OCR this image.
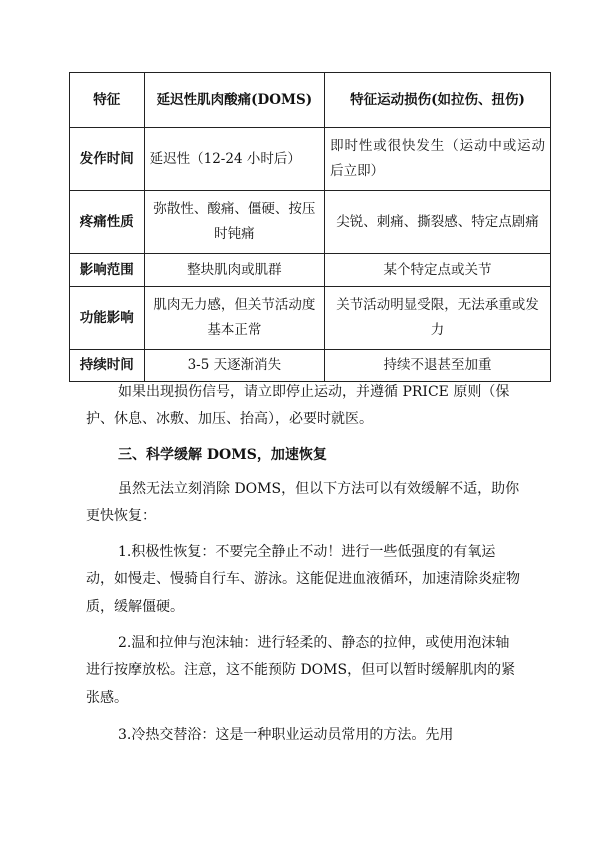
特征	延迟性肌肉酸痛(DOMS)	特征运动损伤(如拉伤、扭伤)
发作时间	延迟性（12-24 小时后）	即时性或很快发生（运动中或运动后立即）
疼痛性质	弥散性、酸痛、僵硬、按压时钝痛	尖锐、刺痛、撕裂感、特定点剧痛
影响范围	整块肌肉或肌群	某个特定点或关节
功能影响	肌肉无力感，但关节活动度基本正常	关节活动明显受限，无法承重或发力
持续时间	3-5 天逐渐消失	持续不退甚至加重

如果出现损伤信号，请立即停止运动，并遵循 PRICE 原则（保护、休息、冰敷、加压、抬高），必要时就医。

三、科学缓解 DOMS，加速恢复

虽然无法立刻消除 DOMS，但以下方法可以有效缓解不适，助你更快恢复：

1.积极性恢复：不要完全静止不动！进行一些低强度的有氧运动，如慢走、慢骑自行车、游泳。这能促进血液循环，加速清除炎症物质，缓解僵硬。

2.温和拉伸与泡沫轴：进行轻柔的、静态的拉伸，或使用泡沫轴进行按摩放松。注意，这不能预防 DOMS，但可以暂时缓解肌肉的紧张感。

3.冷热交替浴：这是一种职业运动员常用的方法。先用
